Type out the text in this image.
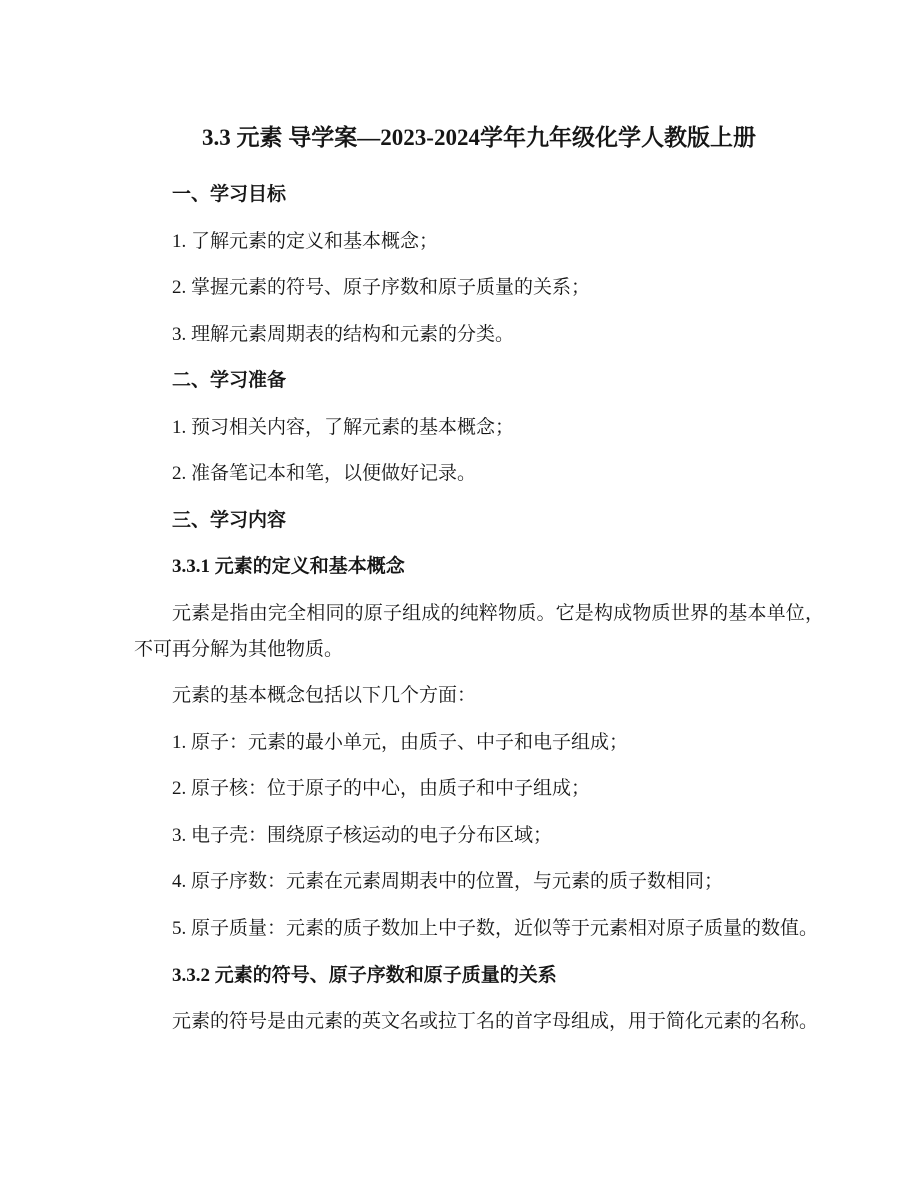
3.3 元素 导学案—2023-2024学年九年级化学人教版上册
一、学习目标

1. 了解元素的定义和基本概念；

2. 掌握元素的符号、原子序数和原子质量的关系；

3. 理解元素周期表的结构和元素的分类。

二、学习准备

1. 预习相关内容，了解元素的基本概念；

2. 准备笔记本和笔，以便做好记录。

三、学习内容
3.3.1 元素的定义和基本概念

元素是指由完全相同的原子组成的纯粹物质。它是构成物质世界的基本单位，不可再分解为其他物质。

元素的基本概念包括以下几个方面：

1. 原子：元素的最小单元，由质子、中子和电子组成；

2. 原子核：位于原子的中心，由质子和中子组成；

3. 电子壳：围绕原子核运动的电子分布区域；

4. 原子序数：元素在元素周期表中的位置，与元素的质子数相同；

5. 原子质量：元素的质子数加上中子数，近似等于元素相对原子质量的数值。

3.3.2 元素的符号、原子序数和原子质量的关系

元素的符号是由元素的英文名或拉丁名的首字母组成，用于简化元素的名称。
